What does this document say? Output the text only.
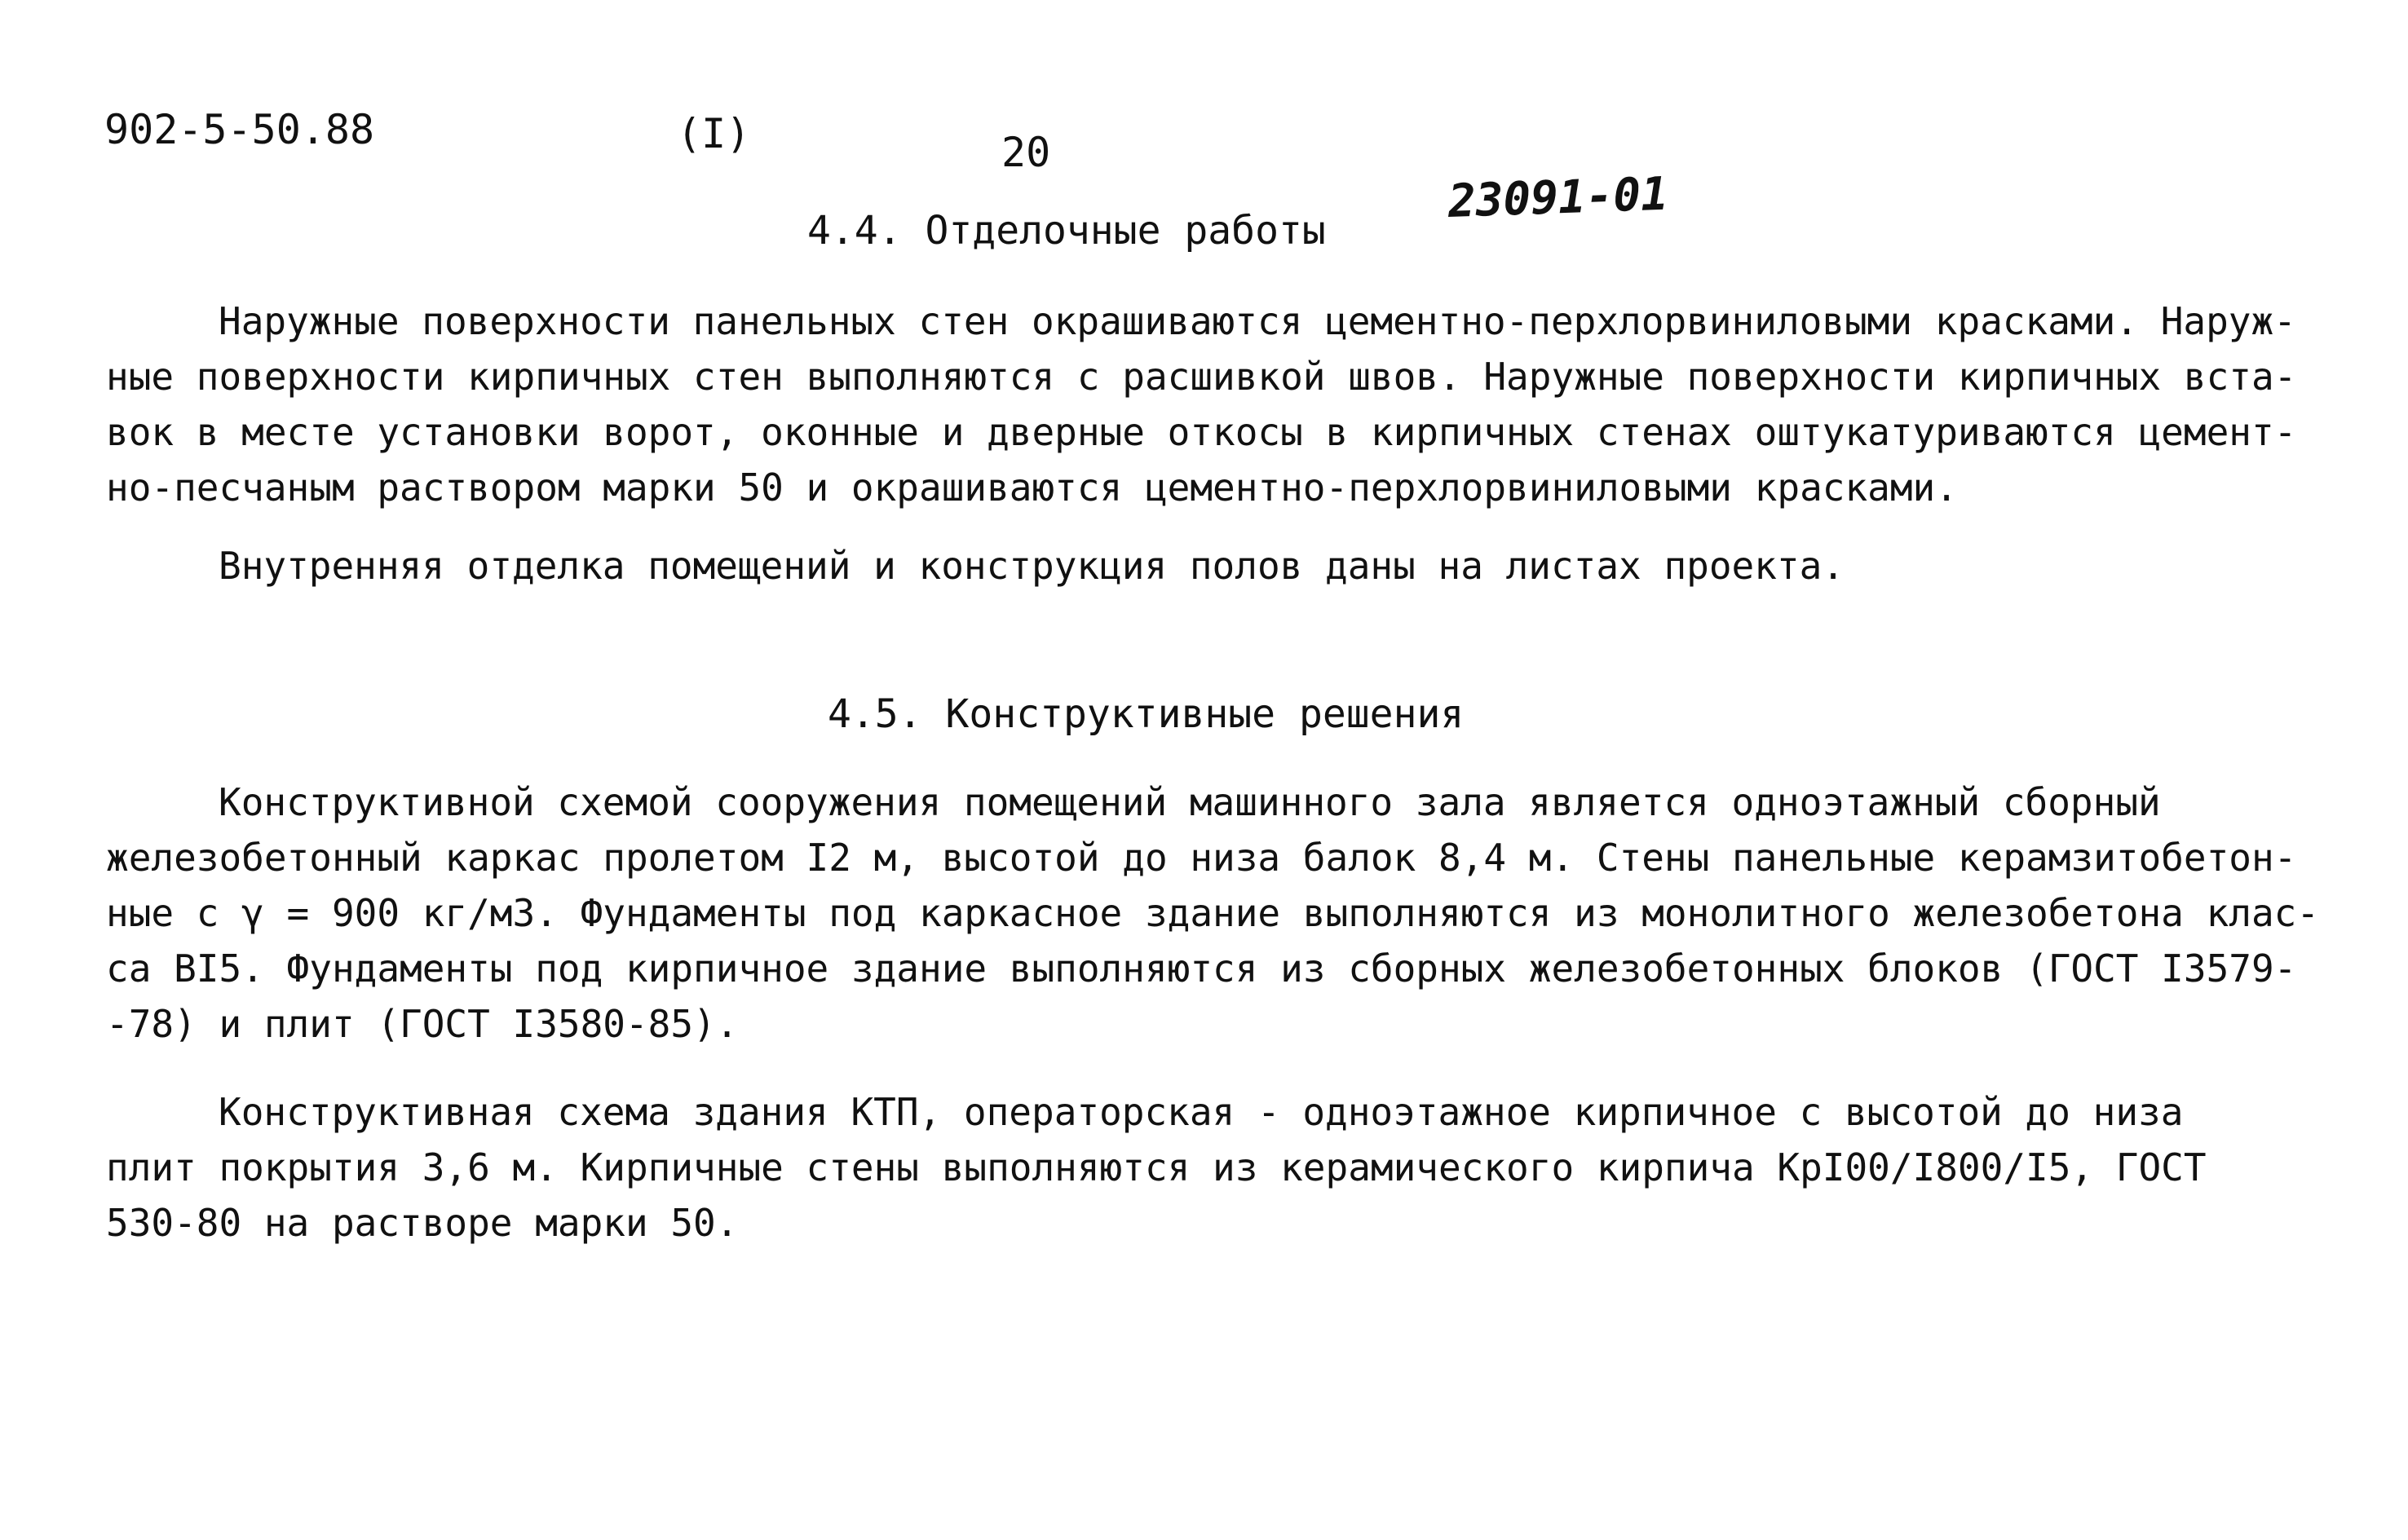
902-5-50.88	(I)	20
23091-01
4.4. Отделочные работы
Наружные поверхности панельных стен окрашиваются цементно-перхлорвиниловыми красками. Наруж-
ные поверхности кирпичных стен выполняются с расшивкой швов. Наружные поверхности кирпичных вста-
вок в месте установки ворот, оконные и дверные откосы в кирпичных стенах оштукатуриваются цемент-
но-песчаным раствором марки 50 и окрашиваются цементно-перхлорвиниловыми красками.
Внутренняя отделка помещений и конструкция полов даны на листах проекта.
4.5. Конструктивные решения
Конструктивной схемой сооружения помещений машинного зала является одноэтажный сборный
железобетонный каркас пролетом I2 м, высотой до низа балок 8,4 м. Стены панельные керамзитобетон-
ные с γ = 900 кг/м3. Фундаменты под каркасное здание выполняются из монолитного железобетона клас-
са BI5. Фундаменты под кирпичное здание выполняются из сборных железобетонных блоков (ГОСТ I3579-
-78) и плит (ГОСТ I3580-85).
Конструктивная схема здания КТП, операторская - одноэтажное кирпичное с высотой до низа
плит покрытия 3,6 м. Кирпичные стены выполняются из керамического кирпича КрI00/I800/I5, ГОСТ
530-80 на растворе марки 50.
